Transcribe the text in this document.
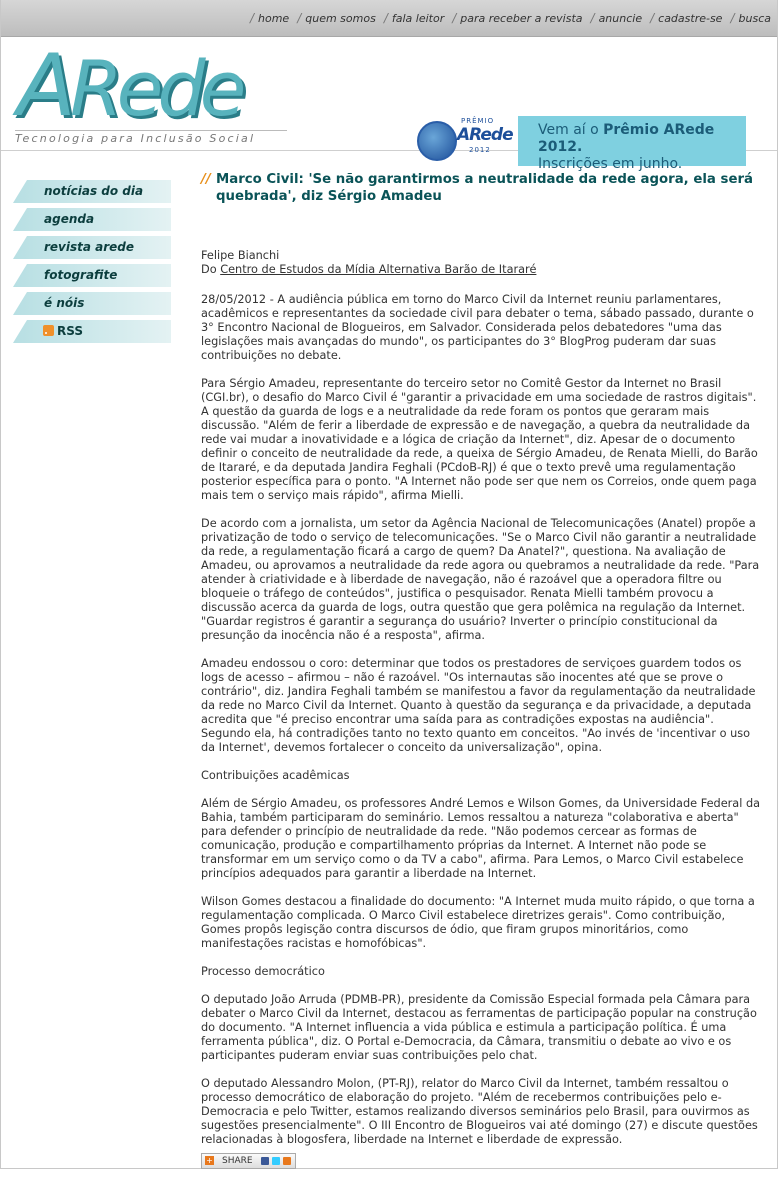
/ home / quem somos / fala leitor / para receber a revista / anuncie / cadastre-se / busca
ARede
Tecnologia para Inclusão Social
PRÊMIO
ARede
2012
Vem aí o Prêmio ARede 2012.
Inscrições em junho.
notícias do dia
agenda
revista arede
fotografite
é nóis
RSS
// Marco Civil: 'Se não garantirmos a neutralidade da rede agora, ela será quebrada', diz Sérgio Amadeu
Felipe Bianchi
Do Centro de Estudos da Mídia Alternativa Barão de Itararé

28/05/2012 - A audiência pública em torno do Marco Civil da Internet reuniu parlamentares, acadêmicos e representantes da sociedade civil para debater o tema, sábado passado, durante o 3° Encontro Nacional de Blogueiros, em Salvador. Considerada pelos debatedores "uma das legislações mais avançadas do mundo", os participantes do 3° BlogProg puderam dar suas contribuições no debate.

Para Sérgio Amadeu, representante do terceiro setor no Comitê Gestor da Internet no Brasil (CGI.br), o desafio do Marco Civil é "garantir a privacidade em uma sociedade de rastros digitais". A questão da guarda de logs e a neutralidade da rede foram os pontos que geraram mais discussão. "Além de ferir a liberdade de expressão e de navegação, a quebra da neutralidade da rede vai mudar a inovatividade e a lógica de criação da Internet", diz. Apesar de o documento definir o conceito de neutralidade da rede, a queixa de Sérgio Amadeu, de Renata Mielli, do Barão de Itararé, e da deputada Jandira Feghali (PCdoB-RJ) é que o texto prevê uma regulamentação posterior específica para o ponto. "A Internet não pode ser que nem os Correios, onde quem paga mais tem o serviço mais rápido", afirma Mielli.

De acordo com a jornalista, um setor da Agência Nacional de Telecomunicações (Anatel) propõe a privatização de todo o serviço de telecomunicações. "Se o Marco Civil não garantir a neutralidade da rede, a regulamentação ficará a cargo de quem? Da Anatel?", questiona. Na avaliação de Amadeu, ou aprovamos a neutralidade da rede agora ou quebramos a neutralidade da rede. "Para atender à criatividade e à liberdade de navegação, não é razoável que a operadora filtre ou bloqueie o tráfego de conteúdos", justifica o pesquisador. Renata Mielli também provocu a discussão acerca da guarda de logs, outra questão que gera polêmica na regulação da Internet. "Guardar registros é garantir a segurança do usuário? Inverter o princípio constitucional da presunção da inocência não é a resposta", afirma.

Amadeu endossou o coro: determinar que todos os prestadores de serviçoes guardem todos os logs de acesso – afirmou – não é razoável. "Os internautas são inocentes até que se prove o contrário", diz. Jandira Feghali também se manifestou a favor da regulamentação da neutralidade da rede no Marco Civil da Internet. Quanto à questão da segurança e da privacidade, a deputada acredita que "é preciso encontrar uma saída para as contradições expostas na audiência". Segundo ela, há contradições tanto no texto quanto em conceitos. "Ao invés de 'incentivar o uso da Internet', devemos fortalecer o conceito da universalização", opina.

Contribuições acadêmicas

Além de Sérgio Amadeu, os professores André Lemos e Wilson Gomes, da Universidade Federal da Bahia, também participaram do seminário. Lemos ressaltou a natureza "colaborativa e aberta" para defender o princípio de neutralidade da rede. "Não podemos cercear as formas de comunicação, produção e compartilhamento próprias da Internet. A Internet não pode se transformar em um serviço como o da TV a cabo", afirma. Para Lemos, o Marco Civil estabelece princípios adequados para garantir a liberdade na Internet.

Wilson Gomes destacou a finalidade do documento: "A Internet muda muito rápido, o que torna a regulamentação complicada. O Marco Civil estabelece diretrizes gerais". Como contribuição, Gomes propôs legisção contra discursos de ódio, que firam grupos minoritários, como manifestações racistas e homofóbicas".

Processo democrático

O deputado João Arruda (PDMB-PR), presidente da Comissão Especial formada pela Câmara para debater o Marco Civil da Internet, destacou as ferramentas de participação popular na construção do documento. "A Internet influencia a vida pública e estimula a participação política. É uma ferramenta pública", diz. O Portal e-Democracia, da Câmara, transmitiu o debate ao vivo e os participantes puderam enviar suas contribuições pelo chat.

O deputado Alessandro Molon, (PT-RJ), relator do Marco Civil da Internet, também ressaltou o processo democrático de elaboração do projeto. "Além de recebermos contribuições pelo e-Democracia e pelo Twitter, estamos realizando diversos seminários pelo Brasil, para ouvirmos as sugestões presencialmente". O III Encontro de Blogueiros vai até domingo (27) e discute questões relacionadas à blogosfera, liberdade na Internet e liberdade de expressão.

+ SHARE
